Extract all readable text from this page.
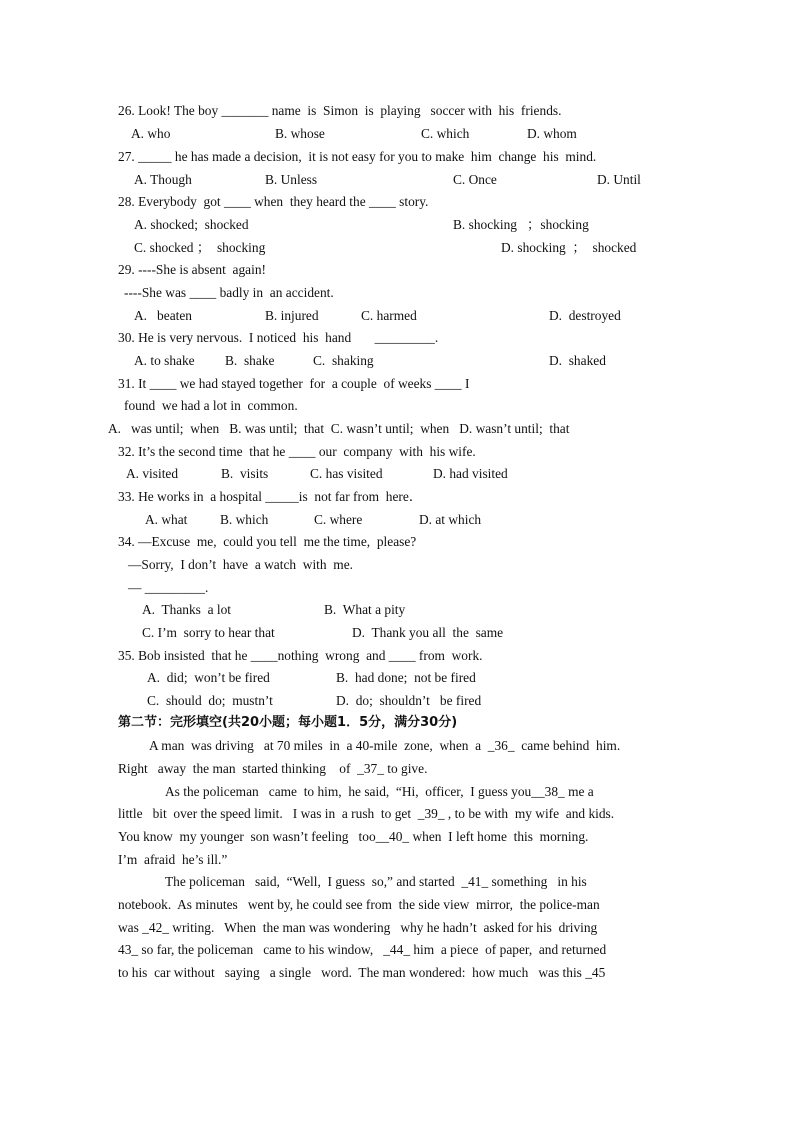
26. Look! The boy _______ name  is  Simon  is  playing   soccer with  his  friends.
A. who	B. whose	C. which	D. whom
27. _____ he has made a decision,  it is not easy for you to make  him  change  his  mind.
A. Though	B. Unless	C. Once	D. Until
28. Everybody  got ____ when  they heard the ____ story.
A. shocked;  shocked	B. shocking   ；shocking
C. shocked ；  shocking	D. shocking  ；  shocked
29. ----She is absent  again!
----She was ____ badly in  an accident.
A.   beaten	B. injured	C. harmed	D.  destroyed
30. He is very nervous.  I noticed  his  hand       _________.
A. to shake B.  shake	C.  shaking	D.  shaked
31. It ____ we had stayed together  for  a couple  of weeks ____ I
found  we had a lot in  common.
A.   was until;  when   B. was until;  that  C. wasn’t until;  when   D. wasn’t until;  that
32. It’s the second time  that he ____ our  company  with  his wife.
A. visited	B.  visits	C. has visited	D. had visited
33. He works in  a hospital _____is  not far from  here．
A. what B. which	C. where	D. at which
34. —Excuse  me,  could you tell  me the time,  please?
—Sorry,  I don’t  have  a watch  with  me.
— _________.
A.  Thanks  a lot	B.  What a pity
C. I’m  sorry to hear that	D.  Thank you all  the  same
35. Bob insisted  that he ____nothing  wrong  and ____ from  work.
A.  did;  won’t be fired	B.  had done;  not be fired
C.  should  do;  mustn’t	D.  do;  shouldn’t   be fired
A man  was driving   at 70 miles  in  a 40-mile  zone,  when  a  _36_  came behind  him.
Right   away  the man  started thinking    of  _37_ to give.
As the policeman   came  to him,  he said,  “Hi,  officer,  I guess you__38_ me a
little   bit  over the speed limit.   I was in  a rush  to get  _39_ , to be with  my wife  and kids.
You know  my younger  son wasn’t feeling   too__40_ when  I left home  this  morning.
I’m  afraid  he’s ill.”
The policeman   said,  “Well,  I guess  so,” and started  _41_ something   in his
notebook.  As minutes   went by, he could see from  the side view  mirror,  the police-man
was _42_ writing.   When  the man was wondering   why he hadn’t  asked for his  driving
43_ so far, the policeman   came to his window,   _44_ him  a piece  of paper,  and returned
to his  car without   saying   a single   word.  The man wondered:  how much   was this _45
第二节：完形填空(共20小题；每小题1．5分，满分30分)
